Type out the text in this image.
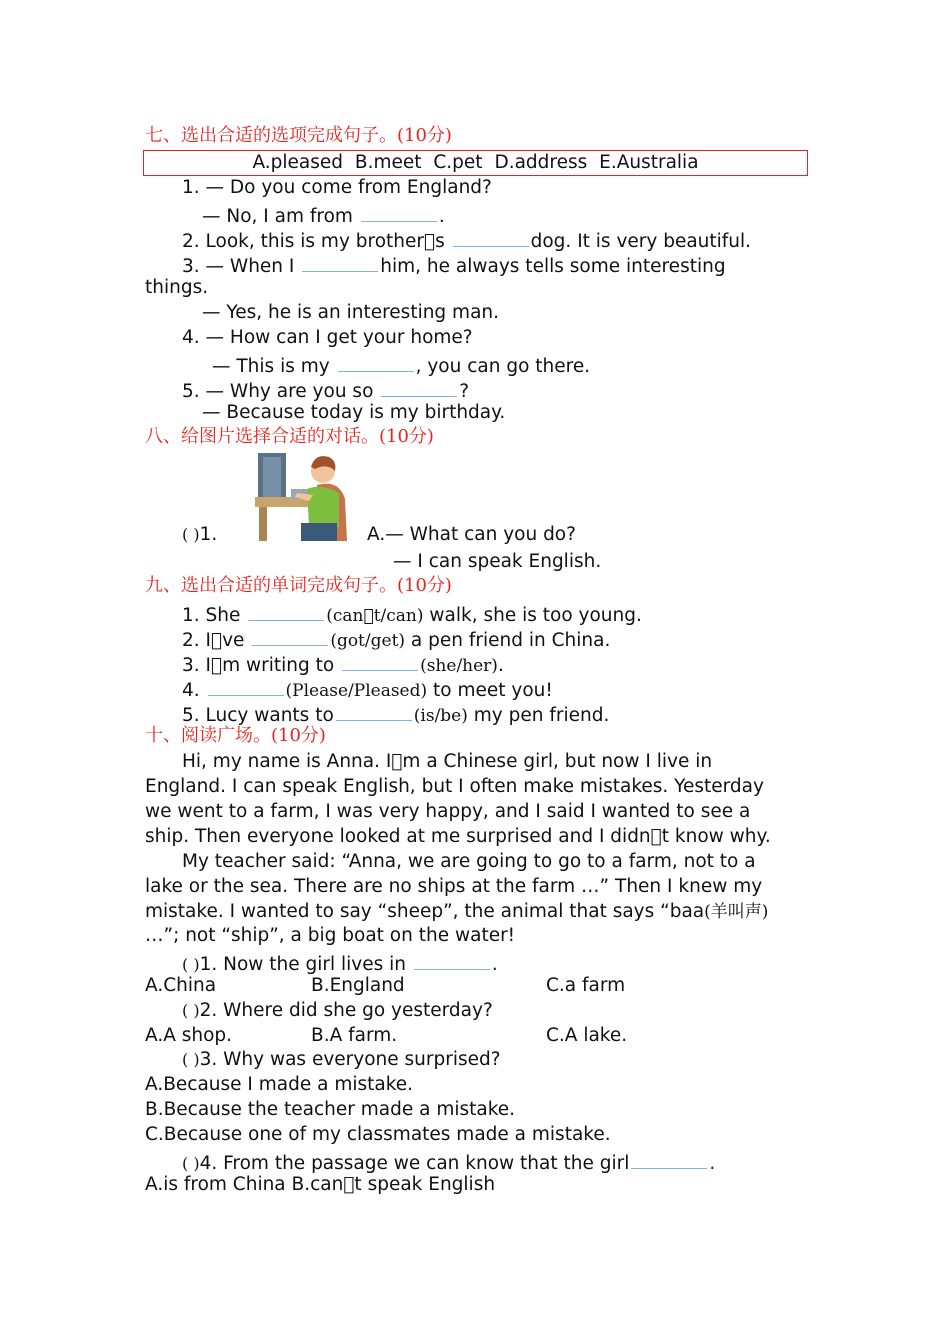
七、选出合适的选项完成句子。(10分)
A.pleased B.meet C.pet D.address E.Australia
1. — Do you come from England?
— No, I am from	.
2. Look, this is my brother s	dog. It is very beautiful.
3. — When I	him, he always tells some interesting
things.
— Yes, he is an interesting man.
4. — How can I get your home?
— This is my	, you can go there.
5. — Why are you so	?
— Because today is my birthday.
八、给图片选择合适的对话。(10分)
( )1.	A.— What can you do?
— I can speak English.
九、选出合适的单词完成句子。(10分)
1. She	(can t/can) walk, she is too young.
2. I ve	(got/get) a pen friend in China.
3. I m writing to	(she/her).
4.	(Please/Pleased) to meet you!
5. Lucy wants to	(is/be) my pen friend.
十、阅读广场。(10分)
Hi, my name is Anna. I m a Chinese girl, but now I live in
England. I can speak English, but I often make mistakes. Yesterday
we went to a farm, I was very happy, and I said I wanted to see a
ship. Then everyone looked at me surprised and I didn t know why.
My teacher said: “Anna, we are going to go to a farm, not to a
lake or the sea. There are no ships at the farm …” Then I knew my
mistake. I wanted to say “sheep”, the animal that says “baa(羊叫声)
…”; not “ship”, a big boat on the water!
( )1. Now the girl lives in	.
A.China	B.England	C.a farm
( )2. Where did she go yesterday?
A.A shop.	B.A farm.	C.A lake.
( )3. Why was everyone surprised?
A.Because I made a mistake.
B.Because the teacher made a mistake.
C.Because one of my classmates made a mistake.
( )4. From the passage we can know that the girl	.
A.is from China B.can t speak English
